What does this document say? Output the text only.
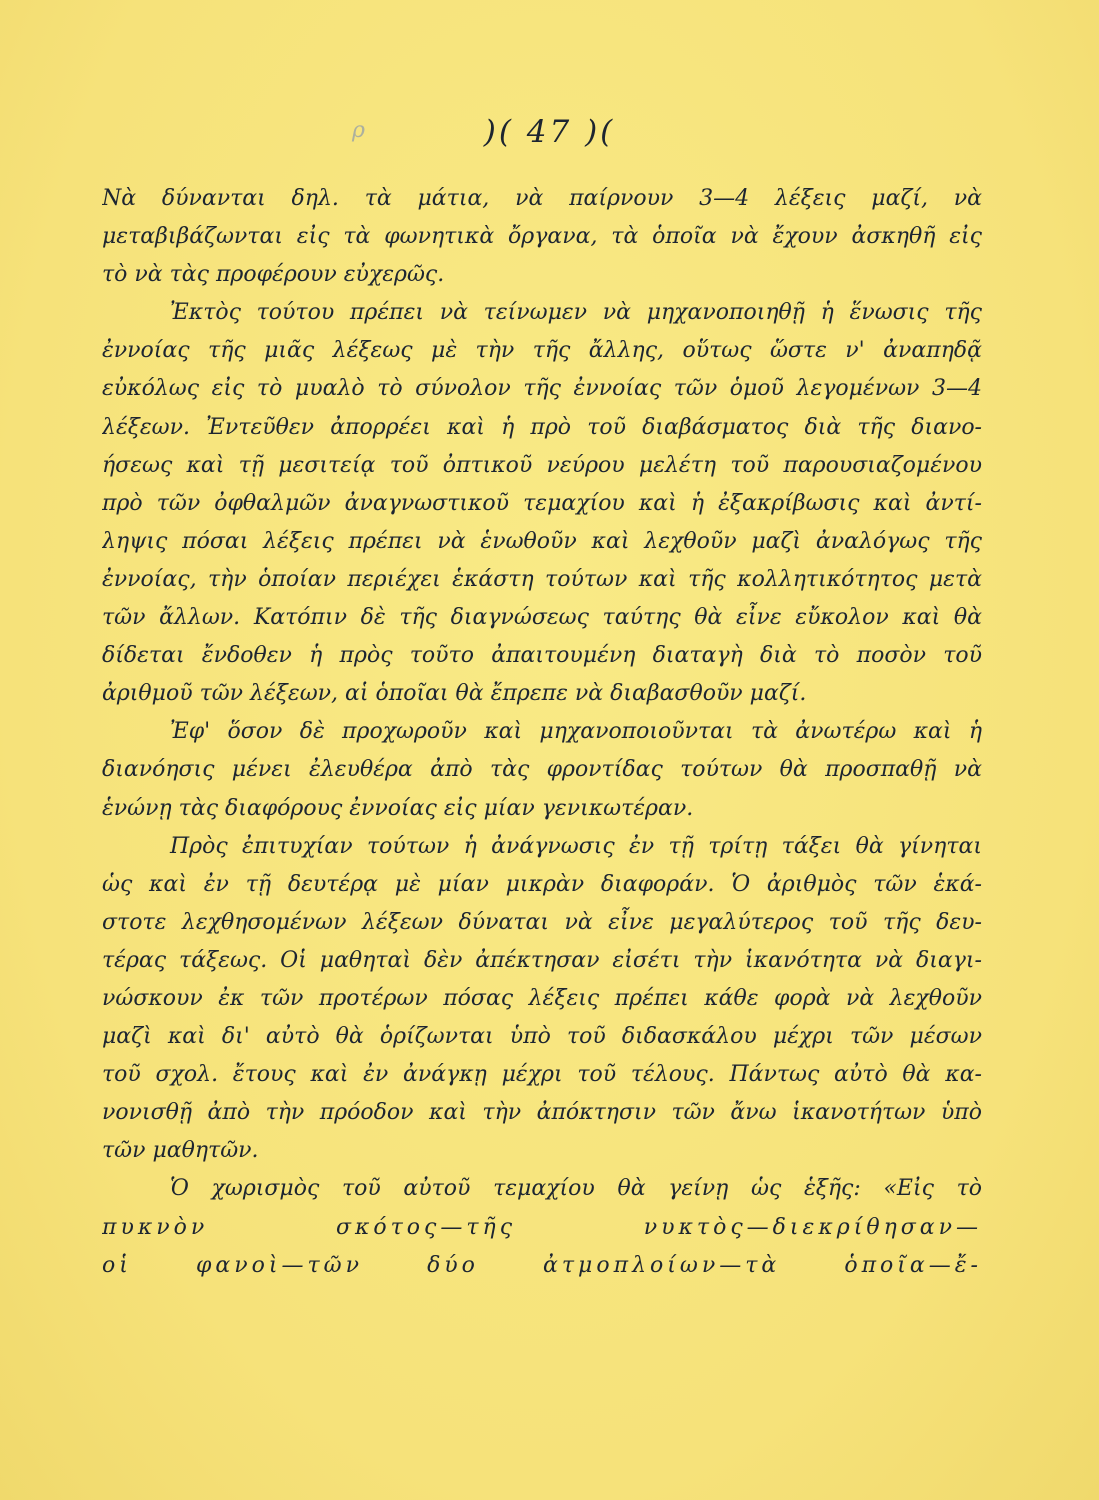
ρ	)( 47 )(
Νὰ δύνανται δηλ. τὰ μάτια, νὰ παίρνουν 3—4 λέξεις μαζί, νὰ
μεταβιβάζωνται εἰς τὰ φωνητικὰ ὄργανα, τὰ ὁποῖα νὰ ἔχουν ἀσκηθῆ εἰς
τὸ νὰ τὰς προφέρουν εὐχερῶς.
Ἐκτὸς τούτου πρέπει νὰ τείνωμεν νὰ μηχανοποιηθῇ ἡ ἕνωσις τῆς
ἐννοίας τῆς μιᾶς λέξεως μὲ τὴν τῆς ἄλλης, οὕτως ὥστε ν' ἀναπηδᾷ
εὐκόλως εἰς τὸ μυαλὸ τὸ σύνολον τῆς ἐννοίας τῶν ὁμοῦ λεγομένων 3—4
λέξεων. Ἐντεῦθεν ἀπορρέει καὶ ἡ πρὸ τοῦ διαβάσματος διὰ τῆς διανο-
ήσεως καὶ τῇ μεσιτείᾳ τοῦ ὀπτικοῦ νεύρου μελέτη τοῦ παρουσιαζομένου
πρὸ τῶν ὀφθαλμῶν ἀναγνωστικοῦ τεμαχίου καὶ ἡ ἐξακρίβωσις καὶ ἀντί-
ληψις πόσαι λέξεις πρέπει νὰ ἑνωθοῦν καὶ λεχθοῦν μαζὶ ἀναλόγως τῆς
ἐννοίας, τὴν ὁποίαν περιέχει ἑκάστη τούτων καὶ τῆς κολλητικότητος μετὰ
τῶν ἄλλων. Κατόπιν δὲ τῆς διαγνώσεως ταύτης θὰ εἶνε εὔκολον καὶ θὰ
δίδεται ἔνδοθεν ἡ πρὸς τοῦτο ἀπαιτουμένη διαταγὴ διὰ τὸ ποσὸν τοῦ
ἀριθμοῦ τῶν λέξεων, αἱ ὁποῖαι θὰ ἔπρεπε νὰ διαβασθοῦν μαζί.
Ἐφ' ὅσον δὲ προχωροῦν καὶ μηχανοποιοῦνται τὰ ἀνωτέρω καὶ ἡ
διανόησις μένει ἐλευθέρα ἀπὸ τὰς φροντίδας τούτων θὰ προσπαθῇ νὰ
ἑνώνῃ τὰς διαφόρους ἐννοίας εἰς μίαν γενικωτέραν.
Πρὸς ἐπιτυχίαν τούτων ἡ ἀνάγνωσις ἐν τῇ τρίτῃ τάξει θὰ γίνηται
ὡς καὶ ἐν τῇ δευτέρᾳ μὲ μίαν μικρὰν διαφοράν. Ὁ ἀριθμὸς τῶν ἑκά-
στοτε λεχθησομένων λέξεων δύναται νὰ εἶνε μεγαλύτερος τοῦ τῆς δευ-
τέρας τάξεως. Οἱ μαθηταὶ δὲν ἀπέκτησαν εἰσέτι τὴν ἱκανότητα νὰ διαγι-
νώσκουν ἐκ τῶν προτέρων πόσας λέξεις πρέπει κάθε φορὰ νὰ λεχθοῦν
μαζὶ καὶ δι' αὐτὸ θὰ ὁρίζωνται ὑπὸ τοῦ διδασκάλου μέχρι τῶν μέσων
τοῦ σχολ. ἔτους καὶ ἐν ἀνάγκῃ μέχρι τοῦ τέλους. Πάντως αὐτὸ θὰ κα-
νονισθῇ ἀπὸ τὴν πρόοδον καὶ τὴν ἀπόκτησιν τῶν ἄνω ἱκανοτήτων ὑπὸ
τῶν μαθητῶν.
Ὁ χωρισμὸς τοῦ αὐτοῦ τεμαχίου θὰ γείνῃ ὡς ἑξῆς: «Εἰς τὸ
πυκνὸν σκότος—τῆς νυκτὸς—διεκρίθησαν—
οἱ φανοὶ—τῶν δύο ἀτμοπλοίων—τὰ ὁποῖα—ἔ-
